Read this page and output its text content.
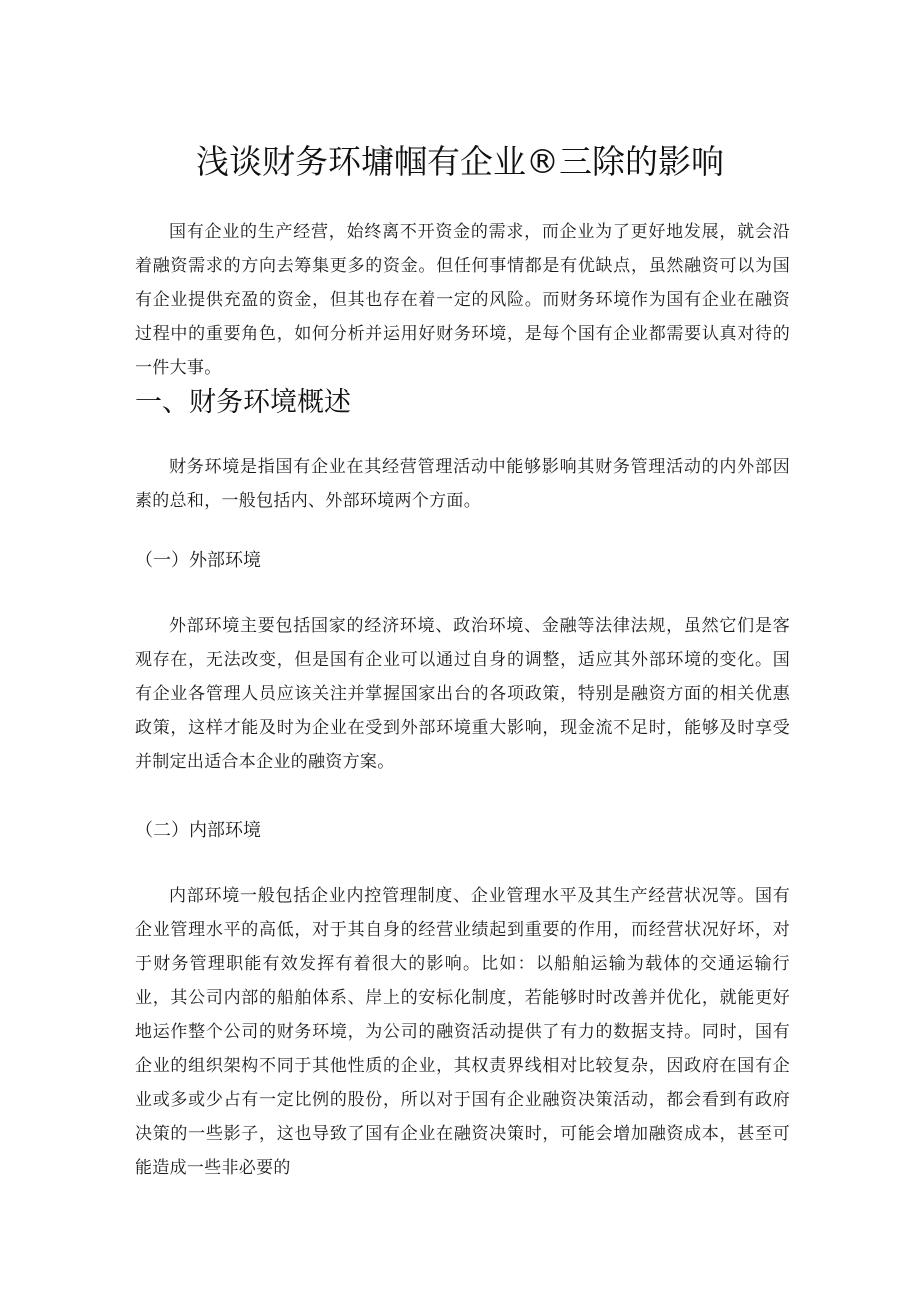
浅谈财务环墉帼有企业®三除的影响

国有企业的生产经营，始终离不开资金的需求，而企业为了更好地发展，就会沿着融资需求的方向去筹集更多的资金。但任何事情都是有优缺点，虽然融资可以为国有企业提供充盈的资金，但其也存在着一定的风险。而财务环境作为国有企业在融资过程中的重要角色，如何分析并运用好财务环境，是每个国有企业都需要认真对待的一件大事。

一、财务环境概述

财务环境是指国有企业在其经营管理活动中能够影响其财务管理活动的内外部因素的总和，一般包括内、外部环境两个方面。

（一）外部环境

外部环境主要包括国家的经济环境、政治环境、金融等法律法规，虽然它们是客观存在，无法改变，但是国有企业可以通过自身的调整，适应其外部环境的变化。国有企业各管理人员应该关注并掌握国家出台的各项政策，特别是融资方面的相关优惠政策，这样才能及时为企业在受到外部环境重大影响，现金流不足时，能够及时享受并制定出适合本企业的融资方案。

（二）内部环境

内部环境一般包括企业内控管理制度、企业管理水平及其生产经营状况等。国有企业管理水平的高低，对于其自身的经营业绩起到重要的作用，而经营状况好坏，对于财务管理职能有效发挥有着很大的影响。比如：以船舶运输为载体的交通运输行业，其公司内部的船舶体系、岸上的安标化制度，若能够时时改善并优化，就能更好地运作整个公司的财务环境，为公司的融资活动提供了有力的数据支持。同时，国有企业的组织架构不同于其他性质的企业，其权责界线相对比较复杂，因政府在国有企业或多或少占有一定比例的股份，所以对于国有企业融资决策活动，都会看到有政府决策的一些影子，这也导致了国有企业在融资决策时，可能会增加融资成本，甚至可能造成一些非必要的
